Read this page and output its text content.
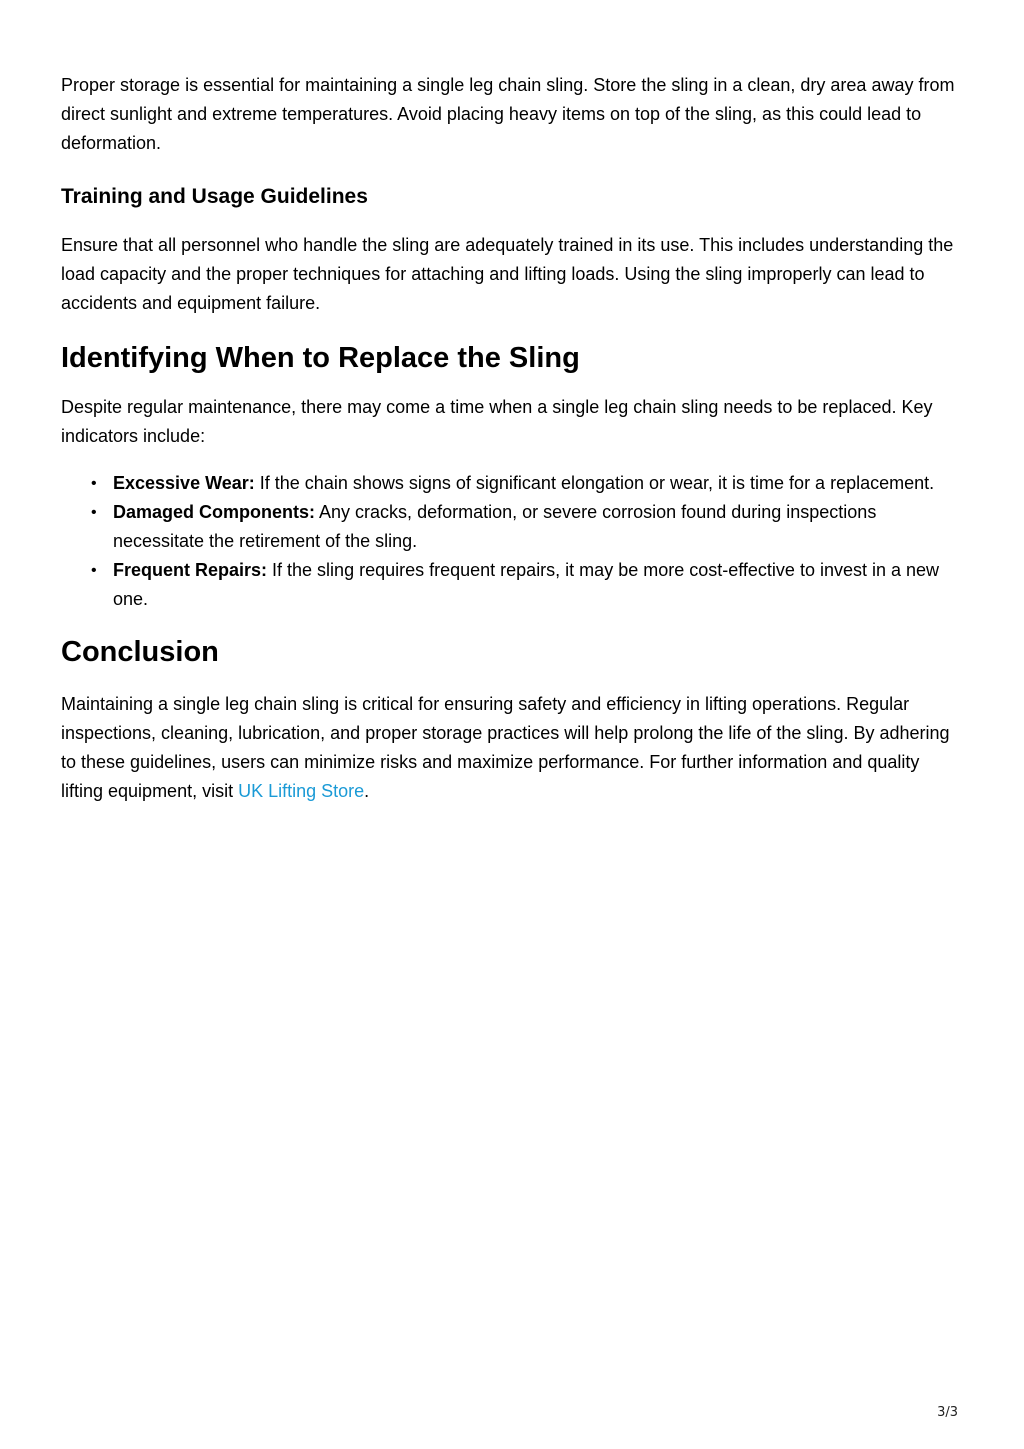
Proper storage is essential for maintaining a single leg chain sling. Store the sling in a clean, dry area away from direct sunlight and extreme temperatures. Avoid placing heavy items on top of the sling, as this could lead to deformation.

Training and Usage Guidelines

Ensure that all personnel who handle the sling are adequately trained in its use. This includes understanding the load capacity and the proper techniques for attaching and lifting loads. Using the sling improperly can lead to accidents and equipment failure.

Identifying When to Replace the Sling

Despite regular maintenance, there may come a time when a single leg chain sling needs to be replaced. Key indicators include:

• Excessive Wear: If the chain shows signs of significant elongation or wear, it is time for a replacement.
• Damaged Components: Any cracks, deformation, or severe corrosion found during inspections necessitate the retirement of the sling.
• Frequent Repairs: If the sling requires frequent repairs, it may be more cost-effective to invest in a new one.
Conclusion

Maintaining a single leg chain sling is critical for ensuring safety and efficiency in lifting operations. Regular inspections, cleaning, lubrication, and proper storage practices will help prolong the life of the sling. By adhering to these guidelines, users can minimize risks and maximize performance. For further information and quality lifting equipment, visit UK Lifting Store.

3/3
